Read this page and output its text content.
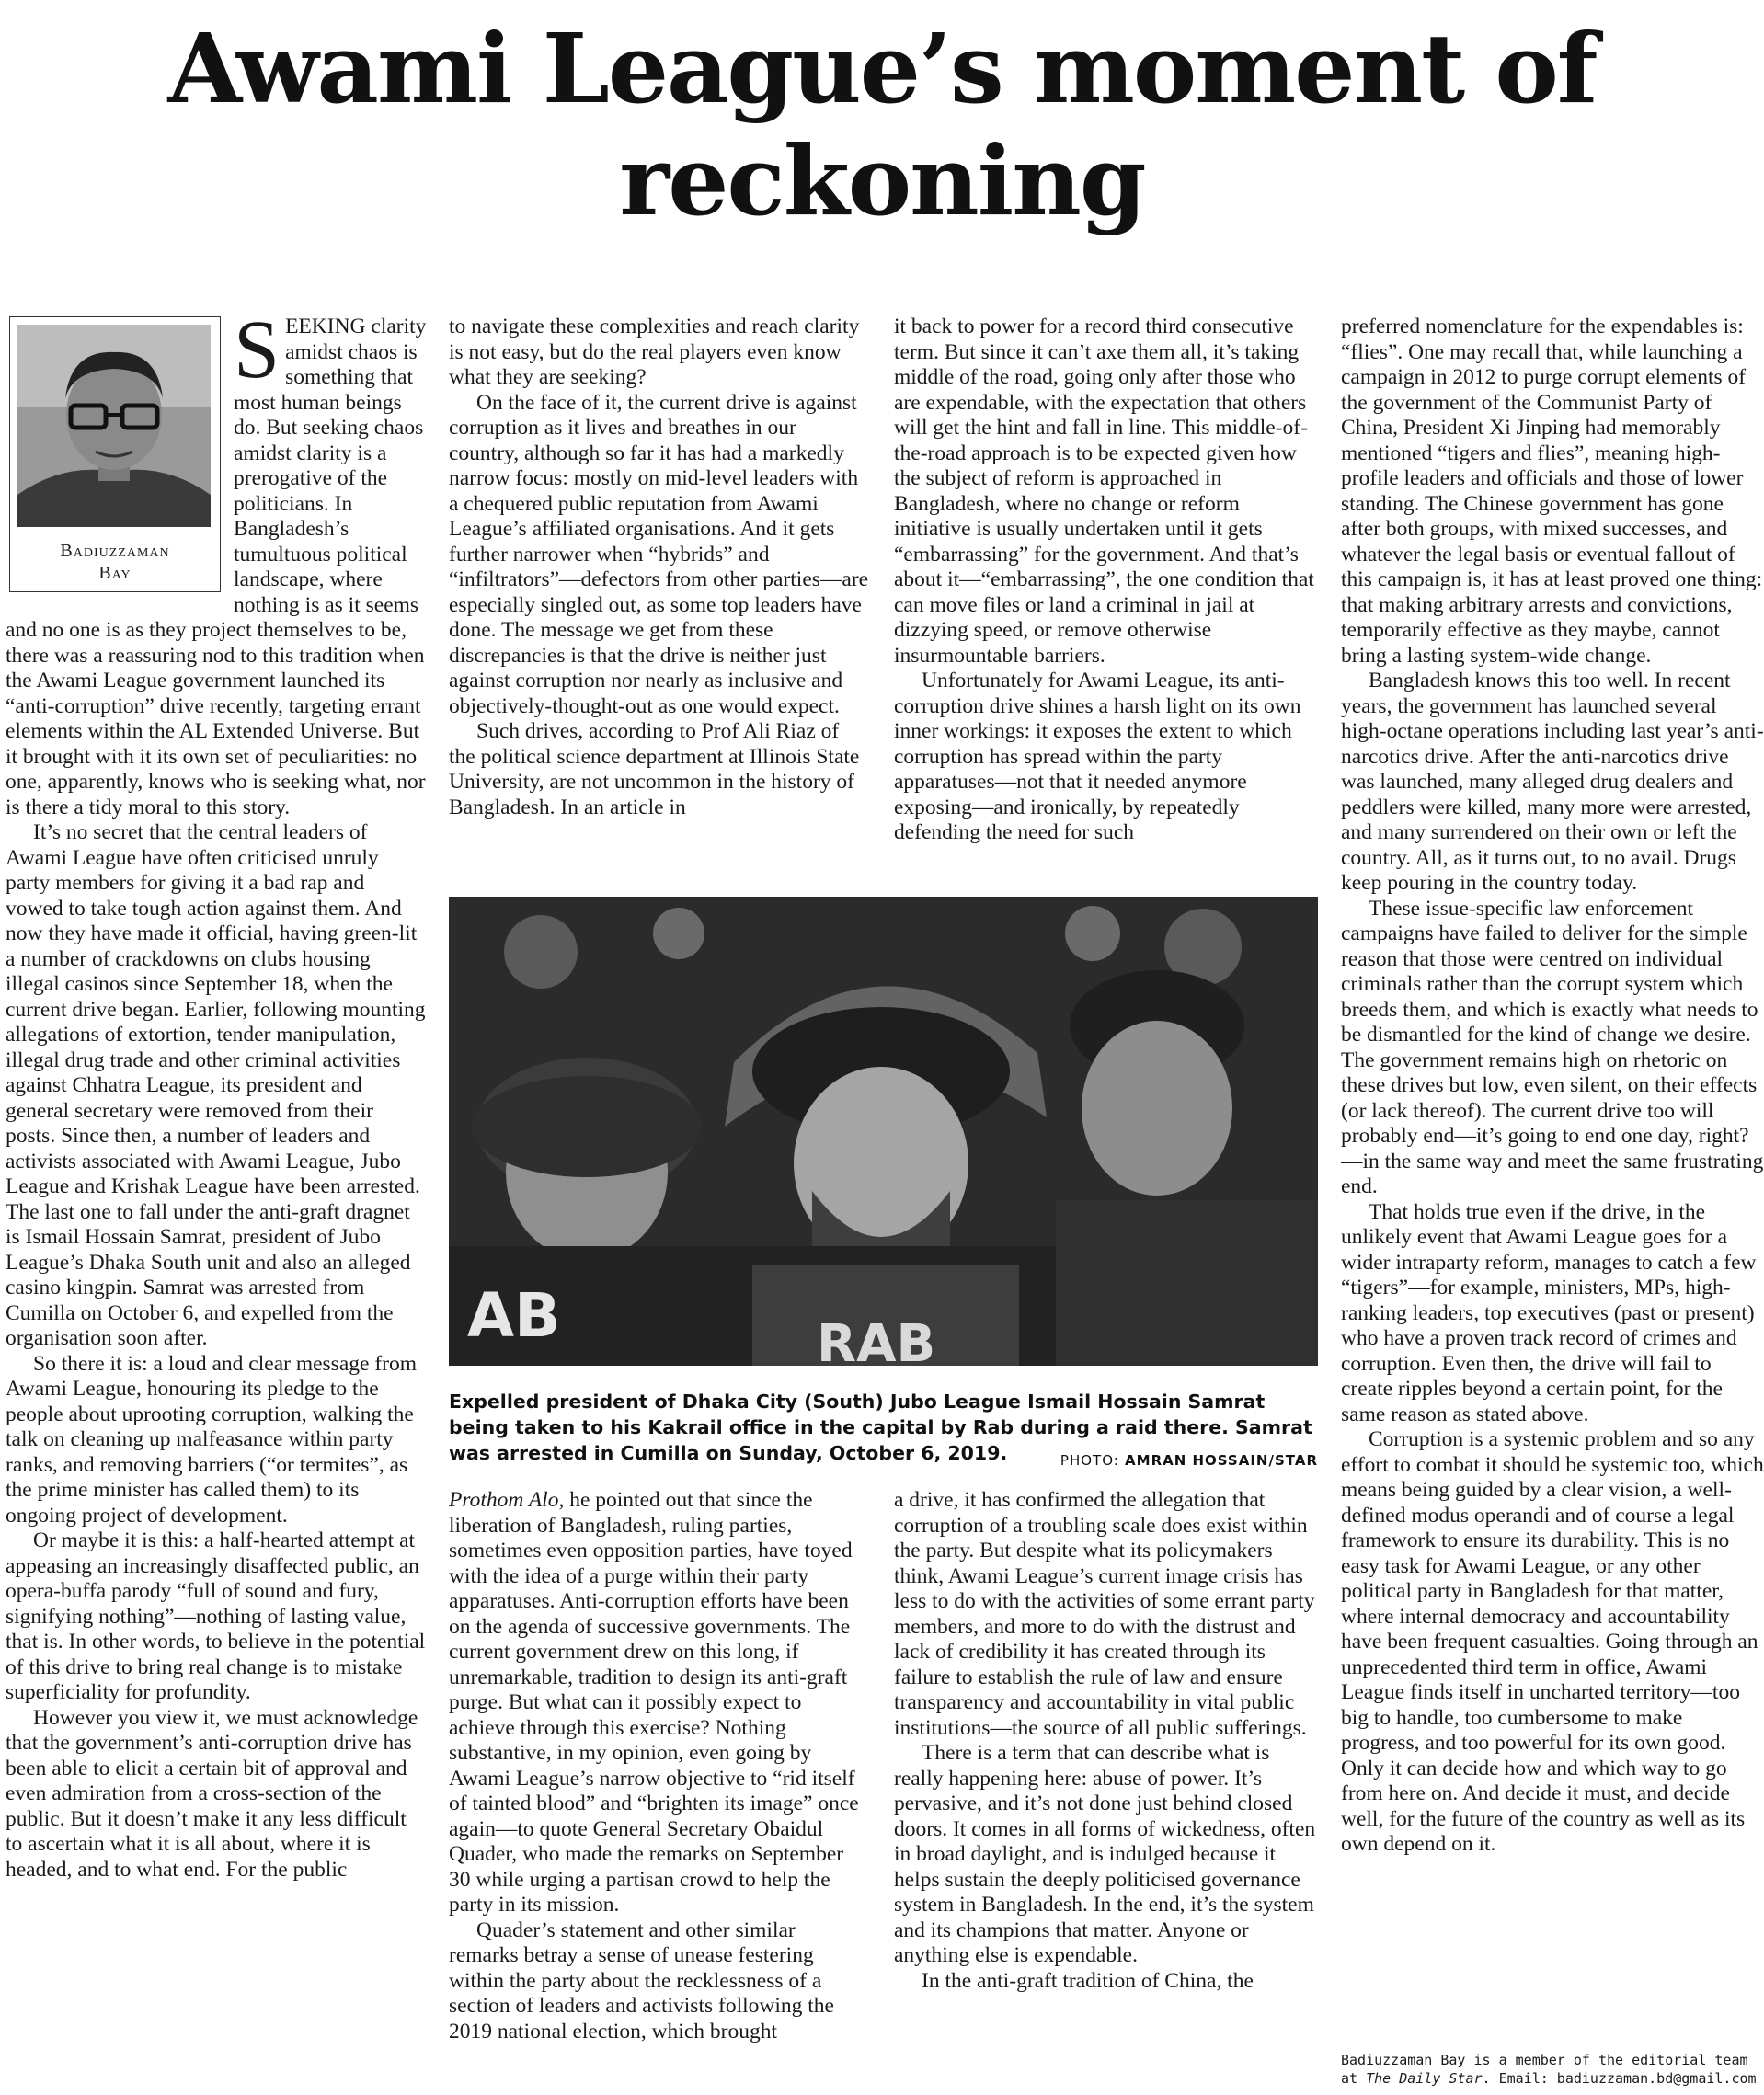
Awami League’s moment of reckoning
Badiuzzaman
Bay

SEEKING clarity amidst chaos is something that most human beings do. But seeking chaos amidst clarity is a prerogative of the politicians. In Bangladesh’s tumultuous political landscape, where nothing is as it seems and no one is as they project themselves to be, there was a reassuring nod to this tradition when the Awami League government launched its “anti-corruption” drive recently, targeting errant elements within the AL Extended Universe. But it brought with it its own set of peculiarities: no one, apparently, knows who is seeking what, nor is there a tidy moral to this story.

It’s no secret that the central leaders of Awami League have often criticised unruly party members for giving it a bad rap and vowed to take tough action against them. And now they have made it official, having green-lit a number of crackdowns on clubs housing illegal casinos since September 18, when the current drive began. Earlier, following mounting allegations of extortion, tender manipulation, illegal drug trade and other criminal activities against Chhatra League, its president and general secretary were removed from their posts. Since then, a number of leaders and activists associated with Awami League, Jubo League and Krishak League have been arrested. The last one to fall under the anti-graft dragnet is Ismail Hossain Samrat, president of Jubo League’s Dhaka South unit and also an alleged casino kingpin. Samrat was arrested from Cumilla on October 6, and expelled from the organisation soon after.

So there it is: a loud and clear message from Awami League, honouring its pledge to the people about uprooting corruption, walking the talk on cleaning up malfeasance within party ranks, and removing barriers (“or termites”, as the prime minister has called them) to its ongoing project of development.

Or maybe it is this: a half-hearted attempt at appeasing an increasingly disaffected public, an opera-buffa parody “full of sound and fury, signifying nothing”—nothing of lasting value, that is. In other words, to believe in the potential of this drive to bring real change is to mistake superficiality for profundity.

However you view it, we must acknowledge that the government’s anti-corruption drive has been able to elicit a certain bit of approval and even admiration from a cross-section of the public. But it doesn’t make it any less difficult to ascertain what it is all about, where it is headed, and to what end. For the public

to navigate these complexities and reach clarity is not easy, but do the real players even know what they are seeking?

On the face of it, the current drive is against corruption as it lives and breathes in our country, although so far it has had a markedly narrow focus: mostly on mid-level leaders with a chequered public reputation from Awami League’s affiliated organisations. And it gets further narrower when “hybrids” and “infiltrators”—defectors from other parties—are especially singled out, as some top leaders have done. The message we get from these discrepancies is that the drive is neither just against corruption nor nearly as inclusive and objectively-thought-out as one would expect.

Such drives, according to Prof Ali Riaz of the political science department at Illinois State University, are not uncommon in the history of Bangladesh. In an article in

it back to power for a record third consecutive term. But since it can’t axe them all, it’s taking middle of the road, going only after those who are expendable, with the expectation that others will get the hint and fall in line. This middle-of-the-road approach is to be expected given how the subject of reform is approached in Bangladesh, where no change or reform initiative is usually undertaken until it gets “embarrassing” for the government. And that’s about it—“embarrassing”, the one condition that can move files or land a criminal in jail at dizzying speed, or remove otherwise insurmountable barriers.

Unfortunately for Awami League, its anti-corruption drive shines a harsh light on its own inner workings: it exposes the extent to which corruption has spread within the party apparatuses—not that it needed anymore exposing—and ironically, by repeatedly defending the need for such

AB	RAB
Expelled president of Dhaka City (South) Jubo League Ismail Hossain Samrat being taken to his Kakrail office in the capital by Rab during a raid there. Samrat was arrested in Cumilla on Sunday, October 6, 2019.	PHOTO: AMRAN HOSSAIN/STAR

Prothom Alo, he pointed out that since the liberation of Bangladesh, ruling parties, sometimes even opposition parties, have toyed with the idea of a purge within their party apparatuses. Anti-corruption efforts have been on the agenda of successive governments. The current government drew on this long, if unremarkable, tradition to design its anti-graft purge. But what can it possibly expect to achieve through this exercise? Nothing substantive, in my opinion, even going by Awami League’s narrow objective to “rid itself of tainted blood” and “brighten its image” once again—to quote General Secretary Obaidul Quader, who made the remarks on September 30 while urging a partisan crowd to help the party in its mission.

Quader’s statement and other similar remarks betray a sense of unease festering within the party about the recklessness of a section of leaders and activists following the 2019 national election, which brought

a drive, it has confirmed the allegation that corruption of a troubling scale does exist within the party. But despite what its policymakers think, Awami League’s current image crisis has less to do with the activities of some errant party members, and more to do with the distrust and lack of credibility it has created through its failure to establish the rule of law and ensure transparency and accountability in vital public institutions—the source of all public sufferings.

There is a term that can describe what is really happening here: abuse of power. It’s pervasive, and it’s not done just behind closed doors. It comes in all forms of wickedness, often in broad daylight, and is indulged because it helps sustain the deeply politicised governance system in Bangladesh. In the end, it’s the system and its champions that matter. Anyone or anything else is expendable.

In the anti-graft tradition of China, the

preferred nomenclature for the expendables is: “flies”. One may recall that, while launching a campaign in 2012 to purge corrupt elements of the government of the Communist Party of China, President Xi Jinping had memorably mentioned “tigers and flies”, meaning high-profile leaders and officials and those of lower standing. The Chinese government has gone after both groups, with mixed successes, and whatever the legal basis or eventual fallout of this campaign is, it has at least proved one thing: that making arbitrary arrests and convictions, temporarily effective as they maybe, cannot bring a lasting system-wide change.

Bangladesh knows this too well. In recent years, the government has launched several high-octane operations including last year’s anti-narcotics drive. After the anti-narcotics drive was launched, many alleged drug dealers and peddlers were killed, many more were arrested, and many surrendered on their own or left the country. All, as it turns out, to no avail. Drugs keep pouring in the country today.

These issue-specific law enforcement campaigns have failed to deliver for the simple reason that those were centred on individual criminals rather than the corrupt system which breeds them, and which is exactly what needs to be dismantled for the kind of change we desire. The government remains high on rhetoric on these drives but low, even silent, on their effects (or lack thereof). The current drive too will probably end—it’s going to end one day, right?—in the same way and meet the same frustrating end.

That holds true even if the drive, in the unlikely event that Awami League goes for a wider intraparty reform, manages to catch a few “tigers”—for example, ministers, MPs, high-ranking leaders, top executives (past or present) who have a proven track record of crimes and corruption. Even then, the drive will fail to create ripples beyond a certain point, for the same reason as stated above.

Corruption is a systemic problem and so any effort to combat it should be systemic too, which means being guided by a clear vision, a well-defined modus operandi and of course a legal framework to ensure its durability. This is no easy task for Awami League, or any other political party in Bangladesh for that matter, where internal democracy and accountability have been frequent casualties. Going through an unprecedented third term in office, Awami League finds itself in uncharted territory—too big to handle, too cumbersome to make progress, and too powerful for its own good. Only it can decide how and which way to go from here on. And decide it must, and decide well, for the future of the country as well as its own depend on it.

Badiuzzaman Bay is a member of the editorial team
at The Daily Star. Email: badiuzzaman.bd@gmail.com
